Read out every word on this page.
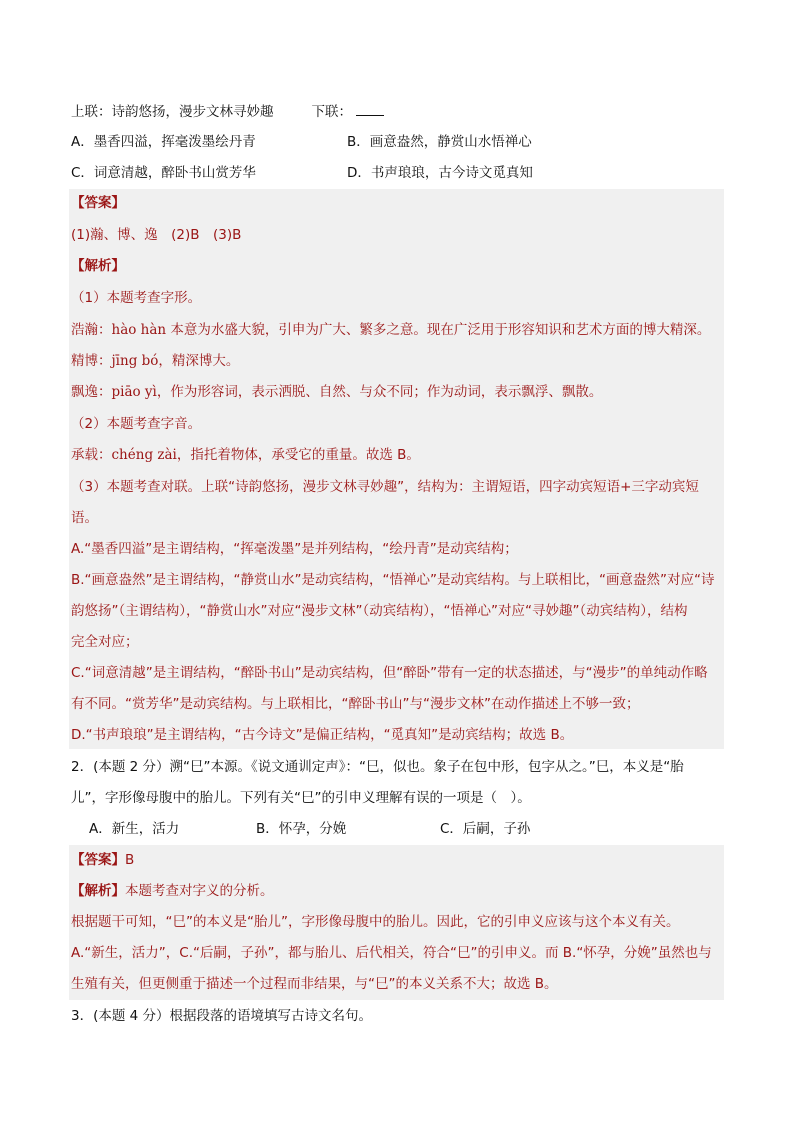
上联：诗韵悠扬，漫步文林寻妙趣	下联：
A．墨香四溢，挥毫泼墨绘丹青	B．画意盎然，静赏山水悟禅心
C．词意清越，醉卧书山赏芳华	D．书声琅琅，古今诗文觅真知
【答案】
(1)瀚、博、逸　(2)B　(3)B
【解析】
（1）本题考查字形。
浩瀚：hào hàn 本意为水盛大貌，引申为广大、繁多之意。现在广泛用于形容知识和艺术方面的博大精深。
精博：jīng bó，精深博大。
飘逸：piāo yì，作为形容词，表示洒脱、自然、与众不同；作为动词，表示飘浮、飘散。
（2）本题考查字音。
承载：chéng zài，指托着物体，承受它的重量。故选 B。
（3）本题考查对联。上联“诗韵悠扬，漫步文林寻妙趣”，结构为：主谓短语，四字动宾短语+三字动宾短
语。
A.“墨香四溢”是主谓结构，“挥毫泼墨”是并列结构，“绘丹青”是动宾结构；
B.“画意盎然”是主谓结构，“静赏山水”是动宾结构，“悟禅心”是动宾结构。与上联相比，“画意盎然”对应“诗
韵悠扬”（主谓结构），“静赏山水”对应“漫步文林”（动宾结构），“悟禅心”对应“寻妙趣”（动宾结构），结构
完全对应；
C.“词意清越”是主谓结构，“醉卧书山”是动宾结构，但“醉卧”带有一定的状态描述，与“漫步”的单纯动作略
有不同。“赏芳华”是动宾结构。与上联相比，“醉卧书山”与“漫步文林”在动作描述上不够一致；
D.“书声琅琅”是主谓结构，“古今诗文”是偏正结构，“觅真知”是动宾结构；故选 B。
2．(本题 2 分）溯“巳”本源。《说文通训定声》：“巳，似也。象子在包中形，包字从之。”巳，本义是“胎
儿”，字形像母腹中的胎儿。下列有关“巳”的引申义理解有误的一项是（　）。
A．新生，活力	B．怀孕，分娩	C．后嗣，子孙
【答案】B
【解析】本题考查对字义的分析。
根据题干可知，“巳”的本义是“胎儿”，字形像母腹中的胎儿。因此，它的引申义应该与这个本义有关。
A.“新生，活力”，C.“后嗣，子孙”，都与胎儿、后代相关，符合“巳”的引申义。而 B.“怀孕，分娩”虽然也与
生殖有关，但更侧重于描述一个过程而非结果，与“巳”的本义关系不大；故选 B。
3．(本题 4 分）根据段落的语境填写古诗文名句。
